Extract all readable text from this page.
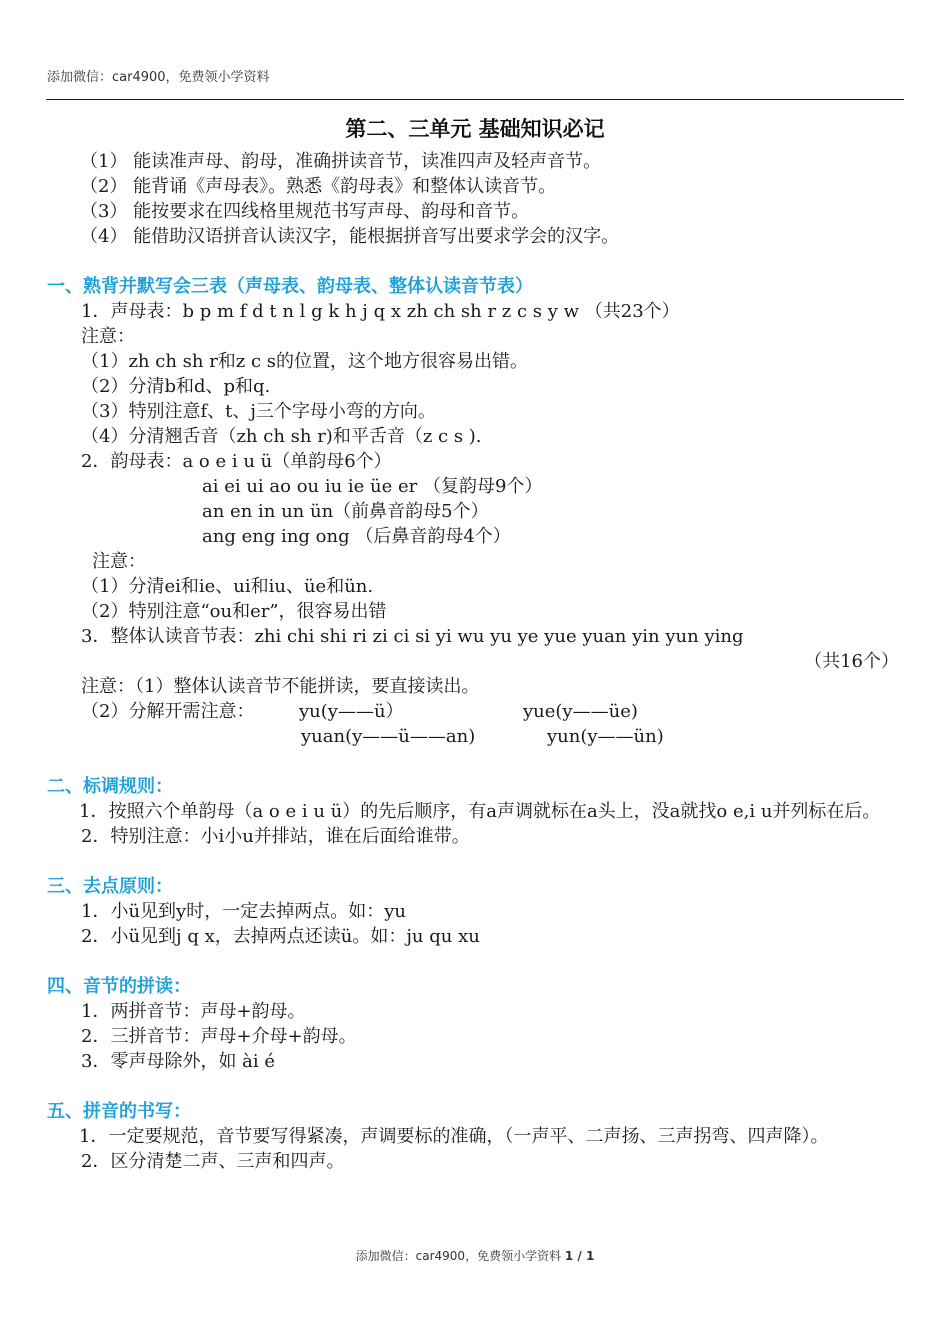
添加微信：car4900，免费领小学资料
第二、三单元 基础知识必记
（1） 能读准声母、韵母，准确拼读音节，读准四声及轻声音节。
（2） 能背诵《声母表》。熟悉《韵母表》和整体认读音节。
（3） 能按要求在四线格里规范书写声母、韵母和音节。
（4） 能借助汉语拼音认读汉字，能根据拼音写出要求学会的汉字。
一、熟背并默写会三表（声母表、韵母表、整体认读音节表）
1．声母表：b p m f d t n l g k h j q x zh ch sh r z c s y w （共23个）
注意：
（1）zh ch sh r和z c s的位置，这个地方很容易出错。
（2）分清b和d、p和q.
（3）特别注意f、t、j三个字母小弯的方向。
（4）分清翘舌音（zh ch sh r)和平舌音（z c s ).
2．韵母表：a o e i u ü（单韵母6个）
ai ei ui ao ou iu ie üe er （复韵母9个）
an en in un ün（前鼻音韵母5个）
ang eng ing ong （后鼻音韵母4个）
注意：
（1）分清ei和ie、ui和iu、üe和ün.
（2）特别注意“ou和er”，很容易出错
3．整体认读音节表：zhi chi shi ri zi ci si yi wu yu ye yue yuan yin yun ying
（共16个）
注意：（1）整体认读音节不能拼读，要直接读出。
（2）分解开需注意： yu(y——ü）	yue(y——üe)
yuan(y——ü——an)	yun(y——ün)
二、标调规则：
1．按照六个单韵母（a o e i u ü）的先后顺序，有a声调就标在a头上，没a就找o e,i u并列标在后。
2．特别注意：小i小u并排站，谁在后面给谁带。
三、去点原则：
1．小ü见到y时，一定去掉两点。如：yu
2．小ü见到j q x，去掉两点还读ü。如：ju qu xu
四、音节的拼读：
1．两拼音节：声母+韵母。
2．三拼音节：声母+介母+韵母。
3．零声母除外，如 ài é
五、拼音的书写：
1．一定要规范，音节要写得紧凑，声调要标的准确，（一声平、二声扬、三声拐弯、四声降）。
2．区分清楚二声、三声和四声。
添加微信：car4900，免费领小学资料 1 / 1
